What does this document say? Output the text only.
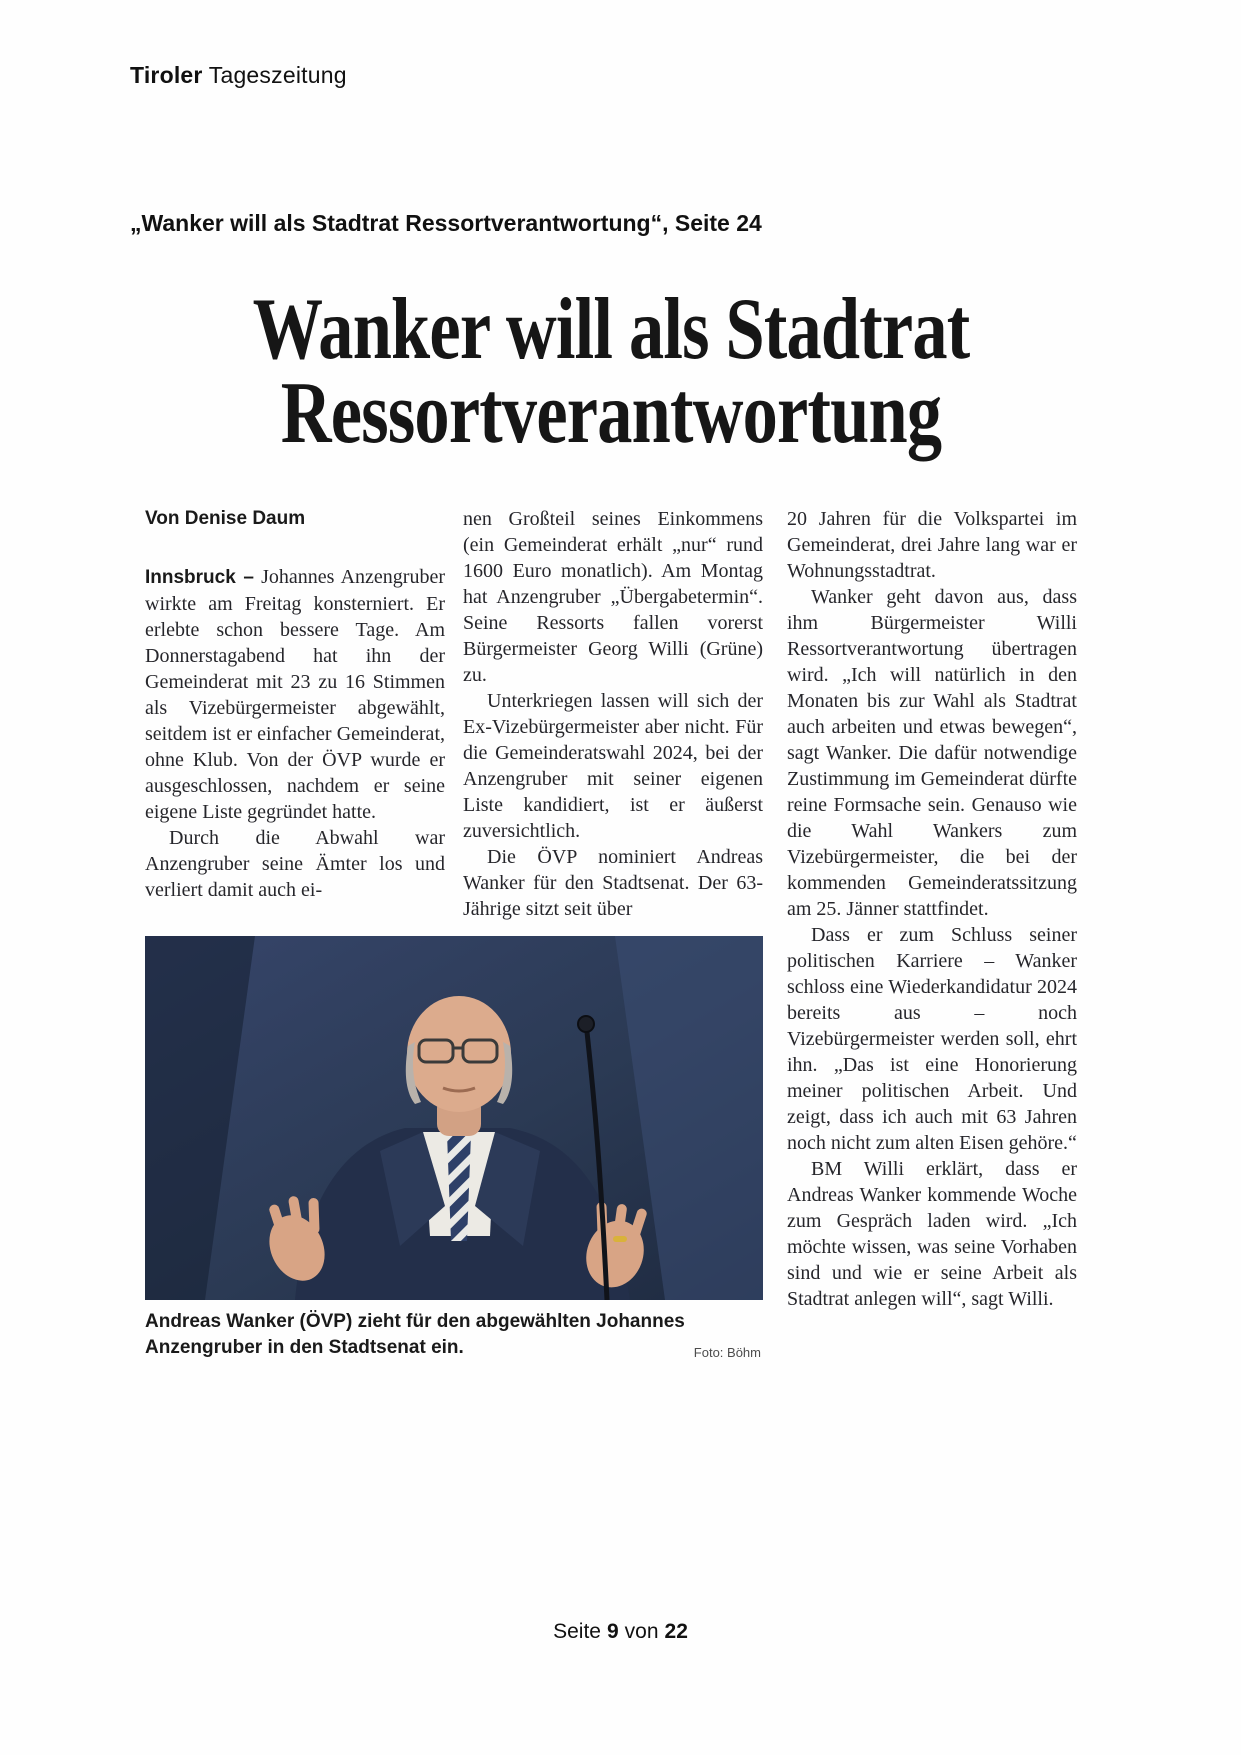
Tiroler Tageszeitung
„Wanker will als Stadtrat Ressortverantwortung“, Seite 24
Wanker will als Stadtrat
Ressortverantwortung
Von Denise Daum

Innsbruck – Johannes Anzengruber wirkte am Freitag konsterniert. Er erlebte schon bessere Tage. Am Donnerstagabend hat ihn der Gemeinderat mit 23 zu 16 Stimmen als Vizebürgermeister abgewählt, seitdem ist er einfacher Gemeinderat, ohne Klub. Von der ÖVP wurde er ausgeschlossen, nachdem er seine eigene Liste gegründet hatte.

Durch die Abwahl war Anzengruber seine Ämter los und verliert damit auch ei-

nen Großteil seines Einkommens (ein Gemeinderat erhält „nur“ rund 1600 Euro monatlich). Am Montag hat Anzengruber „Übergabetermin“. Seine Ressorts fallen vorerst Bürgermeister Georg Willi (Grüne) zu.

Unterkriegen lassen will sich der Ex-Vizebürgermeister aber nicht. Für die Gemeinderatswahl 2024, bei der Anzengruber mit seiner eigenen Liste kandidiert, ist er äußerst zuversichtlich.

Die ÖVP nominiert Andreas Wanker für den Stadtsenat. Der 63-Jährige sitzt seit über

Andreas Wanker (ÖVP) zieht für den abgewählten Johannes Anzengruber in den Stadtsenat ein.	Foto: Böhm

20 Jahren für die Volkspartei im Gemeinderat, drei Jahre lang war er Wohnungsstadtrat.

Wanker geht davon aus, dass ihm Bürgermeister Willi Ressortverantwortung übertragen wird. „Ich will natürlich in den Monaten bis zur Wahl als Stadtrat auch arbeiten und etwas bewegen“, sagt Wanker. Die dafür notwendige Zustimmung im Gemeinderat dürfte reine Formsache sein. Genauso wie die Wahl Wankers zum Vizebürgermeister, die bei der kommenden Gemeinderatssitzung am 25. Jänner stattfindet.

Dass er zum Schluss seiner politischen Karriere – Wanker schloss eine Wiederkandidatur 2024 bereits aus – noch Vizebürgermeister werden soll, ehrt ihn. „Das ist eine Honorierung meiner politischen Arbeit. Und zeigt, dass ich auch mit 63 Jahren noch nicht zum alten Eisen gehöre.“

BM Willi erklärt, dass er Andreas Wanker kommende Woche zum Gespräch laden wird. „Ich möchte wissen, was seine Vorhaben sind und wie er seine Arbeit als Stadtrat anlegen will“, sagt Willi.

Seite 9 von 22
